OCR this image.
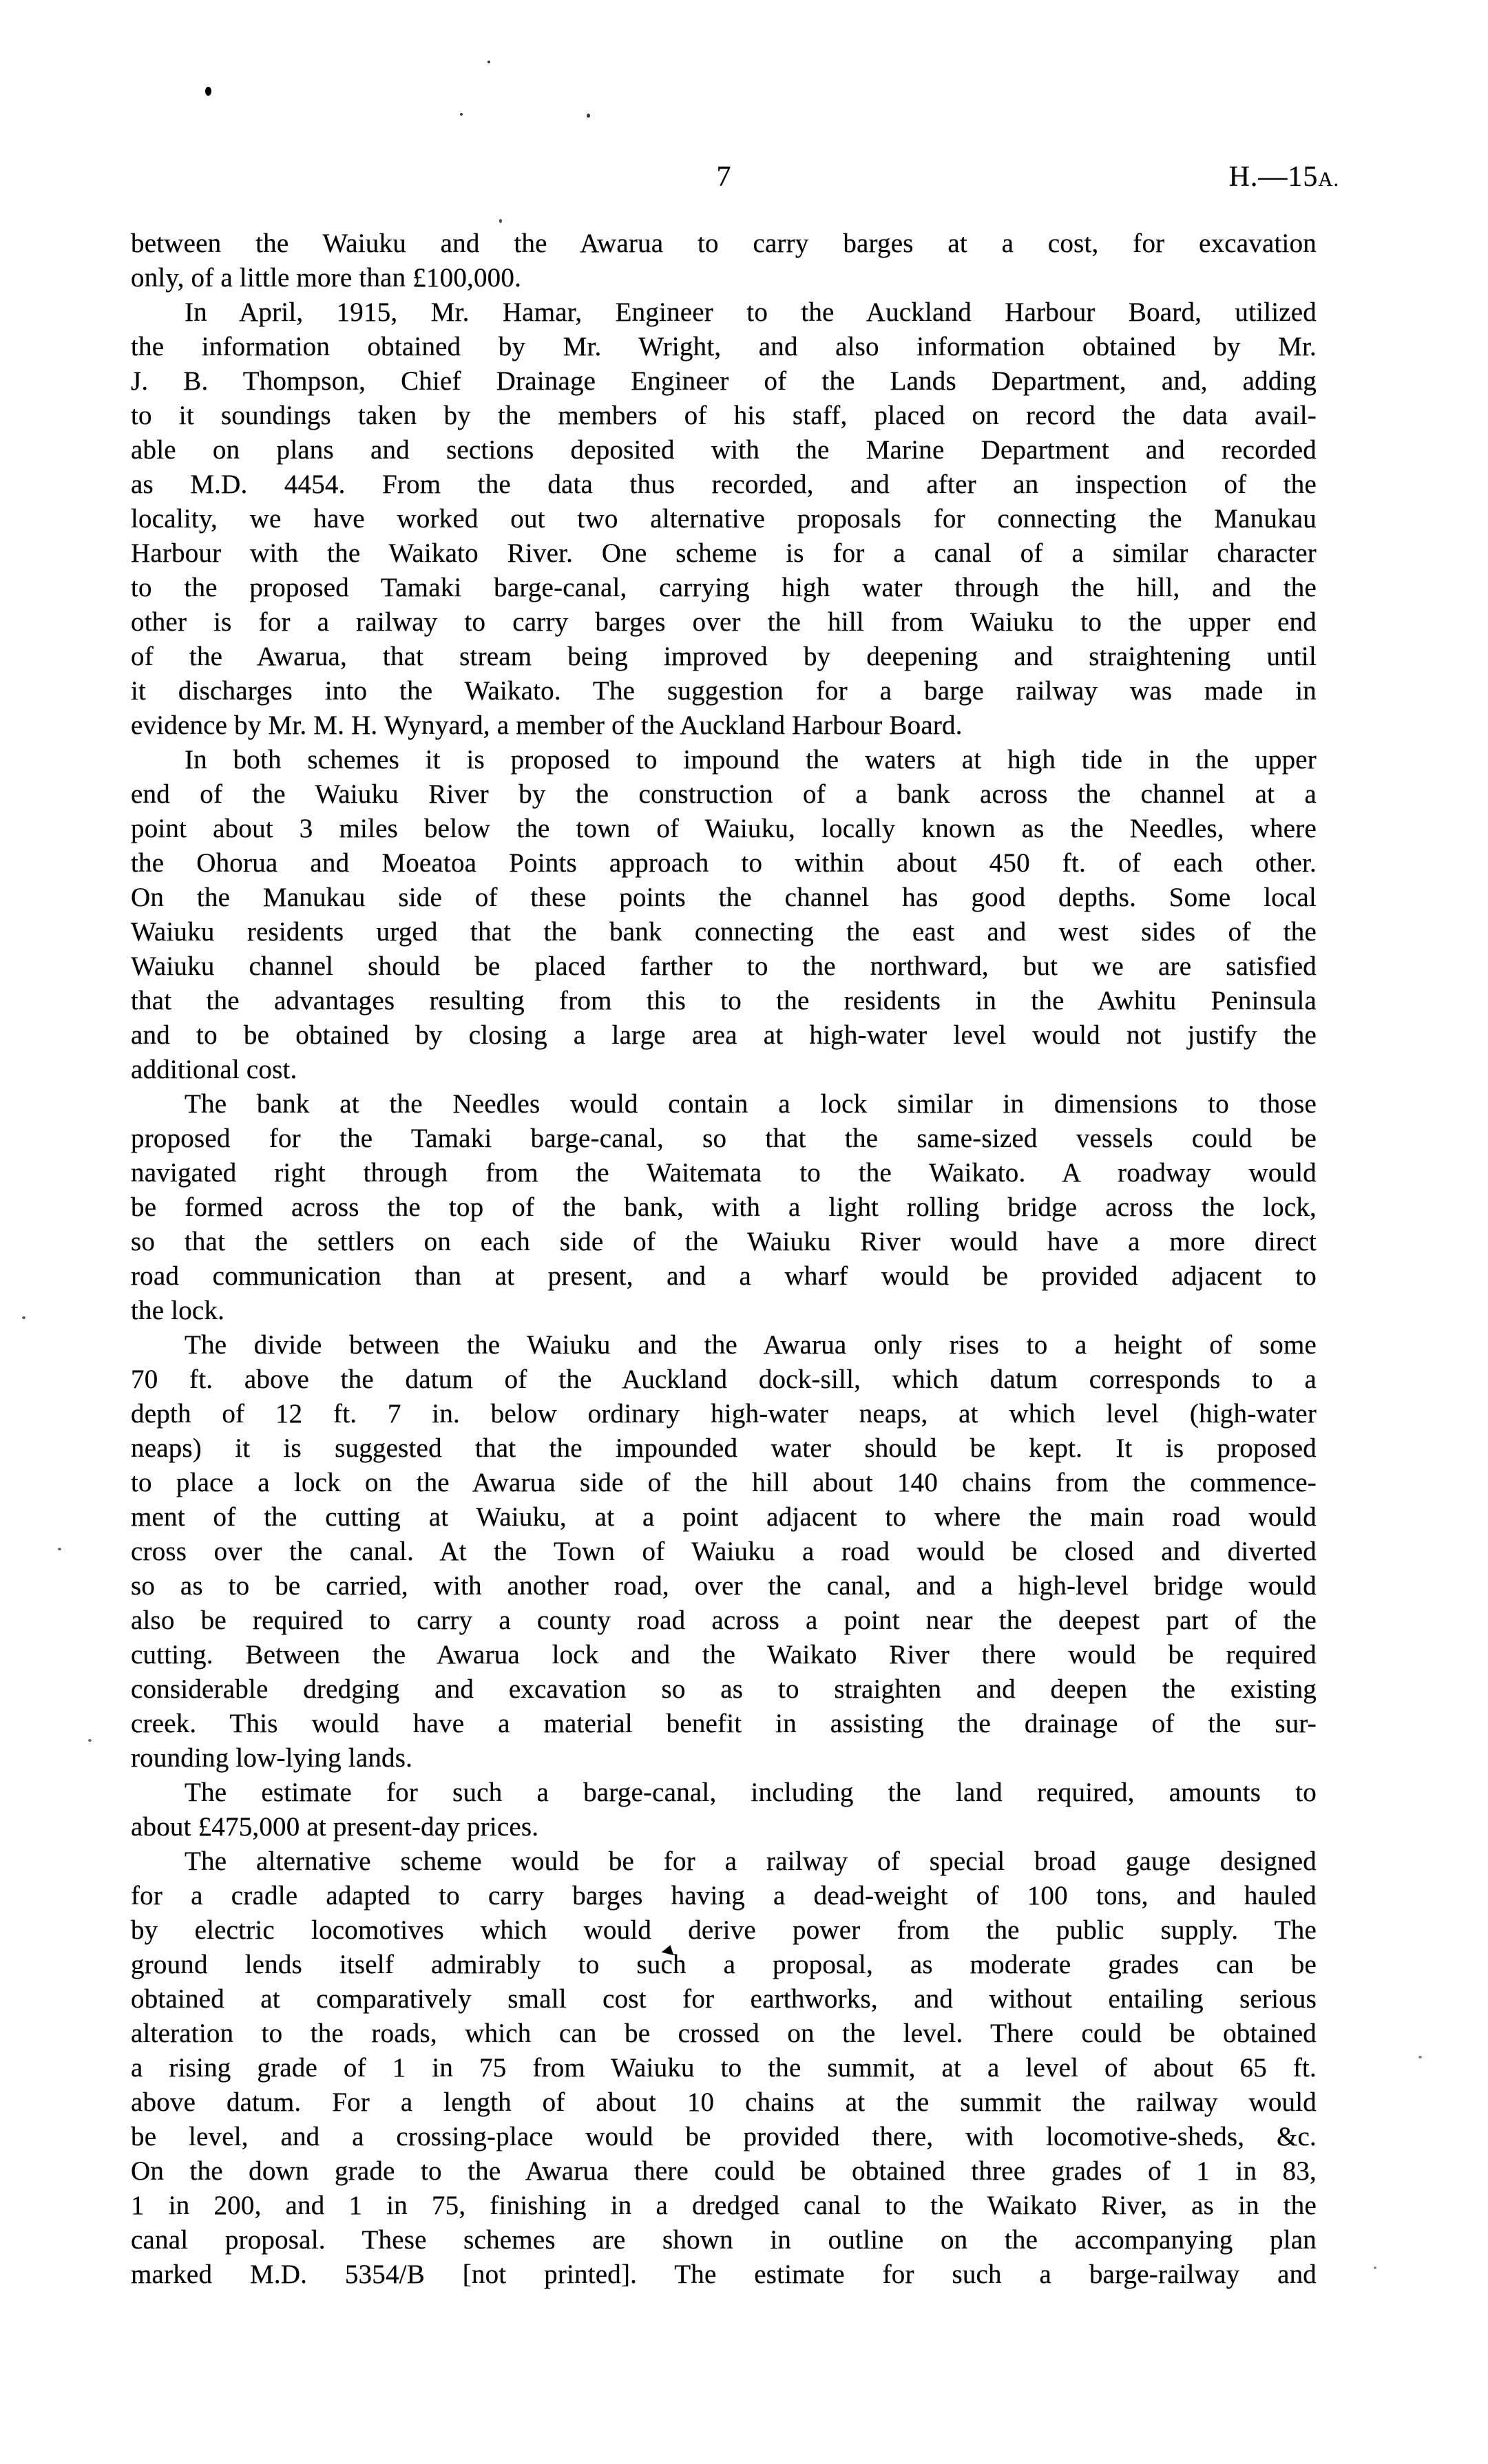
7	H.—15A.
between the Waiuku and the Awarua to carry barges at a cost, for excavation
only, of a little more than £100,000.
In April, 1915, Mr. Hamar, Engineer to the Auckland Harbour Board, utilized
the information obtained by Mr. Wright, and also information obtained by Mr.
J. B. Thompson, Chief Drainage Engineer of the Lands Department, and, adding
to it soundings taken by the members of his staff, placed on record the data avail-
able on plans and sections deposited with the Marine Department and recorded
as M.D. 4454. From the data thus recorded, and after an inspection of the
locality, we have worked out two alternative proposals for connecting the Manukau
Harbour with the Waikato River. One scheme is for a canal of a similar character
to the proposed Tamaki barge-canal, carrying high water through the hill, and the
other is for a railway to carry barges over the hill from Waiuku to the upper end
of the Awarua, that stream being improved by deepening and straightening until
it discharges into the Waikato. The suggestion for a barge railway was made in
evidence by Mr. M. H. Wynyard, a member of the Auckland Harbour Board.
In both schemes it is proposed to impound the waters at high tide in the upper
end of the Waiuku River by the construction of a bank across the channel at a
point about 3 miles below the town of Waiuku, locally known as the Needles, where
the Ohorua and Moeatoa Points approach to within about 450 ft. of each other.
On the Manukau side of these points the channel has good depths. Some local
Waiuku residents urged that the bank connecting the east and west sides of the
Waiuku channel should be placed farther to the northward, but we are satisfied
that the advantages resulting from this to the residents in the Awhitu Peninsula
and to be obtained by closing a large area at high-water level would not justify the
additional cost.
The bank at the Needles would contain a lock similar in dimensions to those
proposed for the Tamaki barge-canal, so that the same-sized vessels could be
navigated right through from the Waitemata to the Waikato. A roadway would
be formed across the top of the bank, with a light rolling bridge across the lock,
so that the settlers on each side of the Waiuku River would have a more direct
road communication than at present, and a wharf would be provided adjacent to
the lock.
The divide between the Waiuku and the Awarua only rises to a height of some
70 ft. above the datum of the Auckland dock-sill, which datum corresponds to a
depth of 12 ft. 7 in. below ordinary high-water neaps, at which level (high-water
neaps) it is suggested that the impounded water should be kept. It is proposed
to place a lock on the Awarua side of the hill about 140 chains from the commence-
ment of the cutting at Waiuku, at a point adjacent to where the main road would
cross over the canal. At the Town of Waiuku a road would be closed and diverted
so as to be carried, with another road, over the canal, and a high-level bridge would
also be required to carry a county road across a point near the deepest part of the
cutting. Between the Awarua lock and the Waikato River there would be required
considerable dredging and excavation so as to straighten and deepen the existing
creek. This would have a material benefit in assisting the drainage of the sur-
rounding low-lying lands.
The estimate for such a barge-canal, including the land required, amounts to
about £475,000 at present-day prices.
The alternative scheme would be for a railway of special broad gauge designed
for a cradle adapted to carry barges having a dead-weight of 100 tons, and hauled
by electric locomotives which would derive power from the public supply. The
ground lends itself admirably to such a proposal, as moderate grades can be
obtained at comparatively small cost for earthworks, and without entailing serious
alteration to the roads, which can be crossed on the level. There could be obtained
a rising grade of 1 in 75 from Waiuku to the summit, at a level of about 65 ft.
above datum. For a length of about 10 chains at the summit the railway would
be level, and a crossing-place would be provided there, with locomotive-sheds, &c.
On the down grade to the Awarua there could be obtained three grades of 1 in 83,
1 in 200, and 1 in 75, finishing in a dredged canal to the Waikato River, as in the
canal proposal. These schemes are shown in outline on the accompanying plan
marked M.D. 5354/B [not printed]. The estimate for such a barge-railway and
